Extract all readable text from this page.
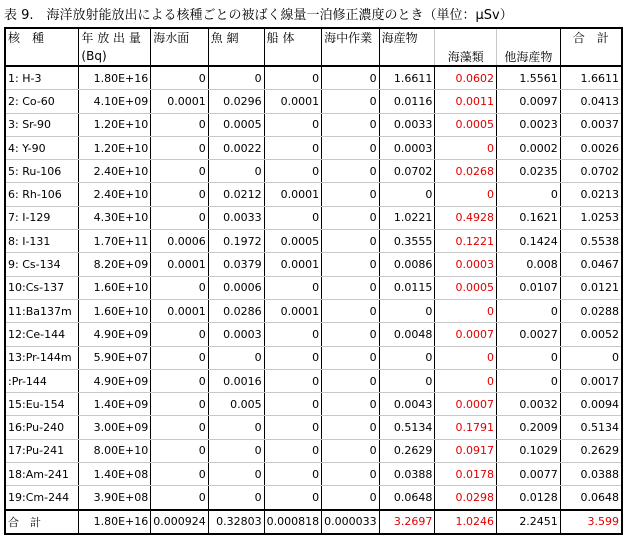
表 9.　海洋放射能放出による核種ごとの被ばく線量一泊修正濃度のとき（単位：μSv）
核　種	年 放 出 量	海水面	魚 網	船 体	海中作業	海産物			合　計
	(Bq)						海藻類	他海産物	
1: H-3	1.80E+16	0	0	0	0	1.6611	0.0602	1.5561	1.6611
2: Co-60	4.10E+09	0.0001	0.0296	0.0001	0	0.0116	0.0011	0.0097	0.0413
3: Sr-90	1.20E+10	0	0.0005	0	0	0.0033	0.0005	0.0023	0.0037
4: Y-90	1.20E+10	0	0.0022	0	0	0.0003	0	0.0002	0.0026
5: Ru-106	2.40E+10	0	0	0	0	0.0702	0.0268	0.0235	0.0702
6: Rh-106	2.40E+10	0	0.0212	0.0001	0	0	0	0	0.0213
7: I-129	4.30E+10	0	0.0033	0	0	1.0221	0.4928	0.1621	1.0253
8: I-131	1.70E+11	0.0006	0.1972	0.0005	0	0.3555	0.1221	0.1424	0.5538
9: Cs-134	8.20E+09	0.0001	0.0379	0.0001	0	0.0086	0.0003	0.008	0.0467
10:Cs-137	1.60E+10	0	0.0006	0	0	0.0115	0.0005	0.0107	0.0121
11:Ba137m	1.60E+10	0.0001	0.0286	0.0001	0	0	0	0	0.0288
12:Ce-144	4.90E+09	0	0.0003	0	0	0.0048	0.0007	0.0027	0.0052
13:Pr-144m	5.90E+07	0	0	0	0	0	0	0	0
:Pr-144	4.90E+09	0	0.0016	0	0	0	0	0	0.0017
15:Eu-154	1.40E+09	0	0.005	0	0	0.0043	0.0007	0.0032	0.0094
16:Pu-240	3.00E+09	0	0	0	0	0.5134	0.1791	0.2009	0.5134
17:Pu-241	8.00E+10	0	0	0	0	0.2629	0.0917	0.1029	0.2629
18:Am-241	1.40E+08	0	0	0	0	0.0388	0.0178	0.0077	0.0388
19:Cm-244	3.90E+08	0	0	0	0	0.0648	0.0298	0.0128	0.0648
合　計	1.80E+16	0.000924	0.32803	0.000818	0.000033	3.2697	1.0246	2.2451	3.599
